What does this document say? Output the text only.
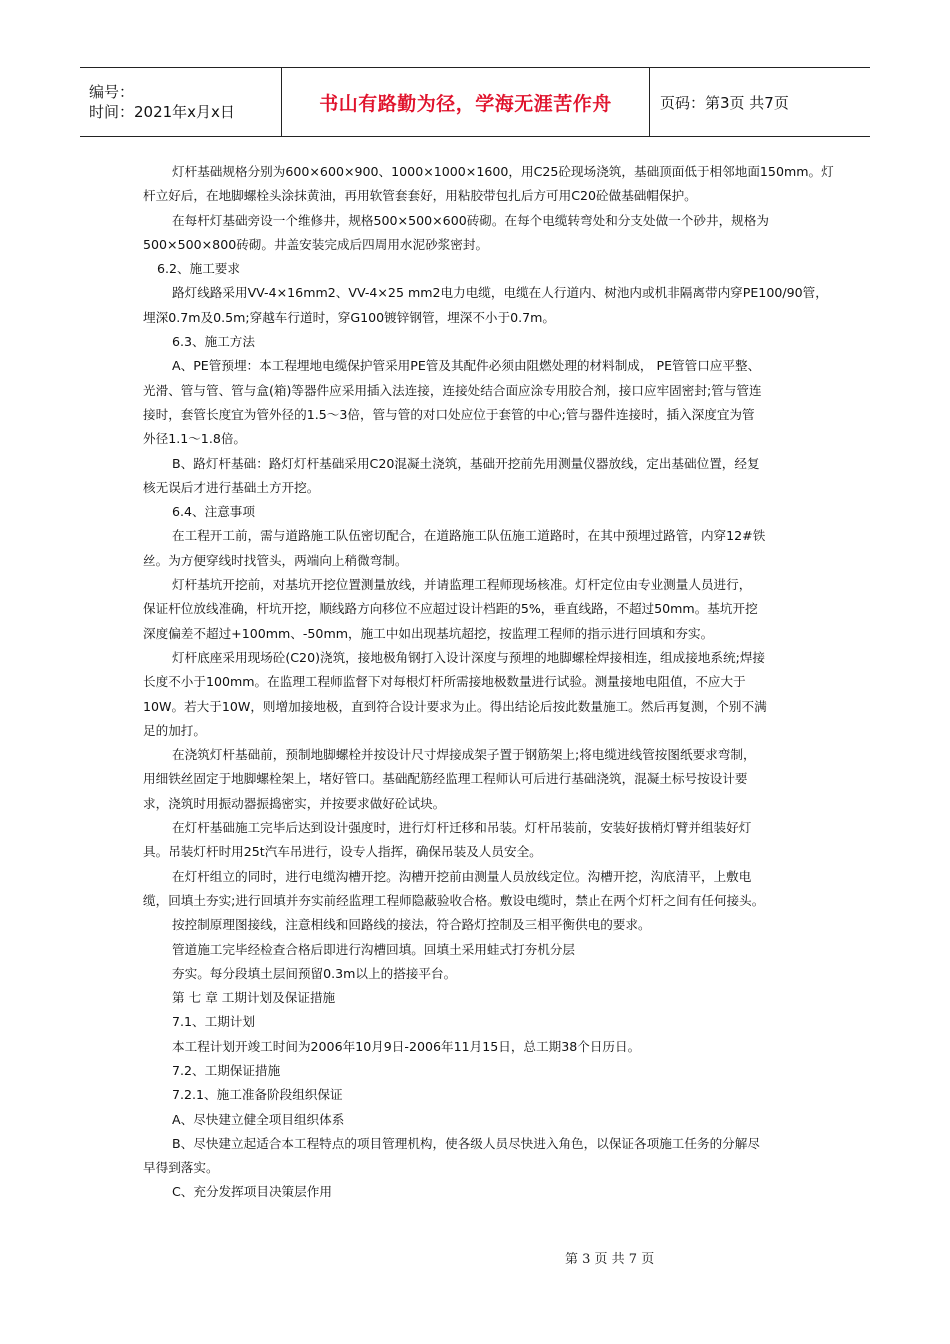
编号：
时间：2021年x月x日	书山有路勤为径，学海无涯苦作舟	页码：第3页 共7页

灯杆基础规格分别为600×600×900、1000×1000×1600，用C25砼现场浇筑，基础顶面低于相邻地面150mm。灯

杆立好后，在地脚螺栓头涂抹黄油，再用软管套套好，用粘胶带包扎后方可用C20砼做基础帽保护。

在每杆灯基础旁设一个维修井，规格500×500×600砖砌。在每个电缆转弯处和分支处做一个砂井，规格为

500×500×800砖砌。井盖安装完成后四周用水泥砂浆密封。

6.2、施工要求

路灯线路采用VV-4×16mm2、VV-4×25 mm2电力电缆，电缆在人行道内、树池内或机非隔离带内穿PE100/90管，

埋深0.7m及0.5m;穿越车行道时，穿G100镀锌钢管，埋深不小于0.7m。

6.3、施工方法

A、PE管预埋：本工程埋地电缆保护管采用PE管及其配件必须由阻燃处理的材料制成， PE管管口应平整、

光滑、管与管、管与盒(箱)等器件应采用插入法连接，连接处结合面应涂专用胶合剂，接口应牢固密封;管与管连

接时，套管长度宜为管外径的1.5～3倍，管与管的对口处应位于套管的中心;管与器件连接时，插入深度宜为管

外径1.1～1.8倍。

B、路灯杆基础：路灯灯杆基础采用C20混凝土浇筑，基础开挖前先用测量仪器放线，定出基础位置，经复

核无误后才进行基础土方开挖。

6.4、注意事项

在工程开工前，需与道路施工队伍密切配合，在道路施工队伍施工道路时，在其中预埋过路管，内穿12#铁

丝。为方便穿线时找管头，两端向上稍微弯制。

灯杆基坑开挖前，对基坑开挖位置测量放线，并请监理工程师现场核准。灯杆定位由专业测量人员进行，

保证杆位放线准确，杆坑开挖，顺线路方向移位不应超过设计档距的5%，垂直线路，不超过50mm。基坑开挖

深度偏差不超过+100mm、-50mm，施工中如出现基坑超挖，按监理工程师的指示进行回填和夯实。

灯杆底座采用现场砼(C20)浇筑，接地极角钢打入设计深度与预埋的地脚螺栓焊接相连，组成接地系统;焊接

长度不小于100mm。在监理工程师监督下对每根灯杆所需接地极数量进行试验。测量接地电阻值，不应大于

10W。若大于10W，则增加接地极，直到符合设计要求为止。得出结论后按此数量施工。然后再复测，个别不满

足的加打。

在浇筑灯杆基础前，预制地脚螺栓并按设计尺寸焊接成架子置于钢筋架上;将电缆进线管按图纸要求弯制，

用细铁丝固定于地脚螺栓架上，堵好管口。基础配筋经监理工程师认可后进行基础浇筑，混凝土标号按设计要

求，浇筑时用振动器振捣密实，并按要求做好砼试块。

在灯杆基础施工完毕后达到设计强度时，进行灯杆迁移和吊装。灯杆吊装前，安装好拔梢灯臂并组装好灯

具。吊装灯杆时用25t汽车吊进行，设专人指挥，确保吊装及人员安全。

在灯杆组立的同时，进行电缆沟槽开挖。沟槽开挖前由测量人员放线定位。沟槽开挖，沟底清平，上敷电

缆，回填土夯实;进行回填并夯实前经监理工程师隐蔽验收合格。敷设电缆时，禁止在两个灯杆之间有任何接头。

按控制原理图接线，注意相线和回路线的接法，符合路灯控制及三相平衡供电的要求。

管道施工完毕经检查合格后即进行沟槽回填。回填土采用蛙式打夯机分层

夯实。每分段填土层间预留0.3m以上的搭接平台。

第 七 章 工期计划及保证措施

7.1、工期计划

本工程计划开竣工时间为2006年10月9日-2006年11月15日，总工期38个日历日。

7.2、工期保证措施

7.2.1、施工准备阶段组织保证

A、尽快建立健全项目组织体系

B、尽快建立起适合本工程特点的项目管理机构，使各级人员尽快进入角色，以保证各项施工任务的分解尽

早得到落实。

C、充分发挥项目决策层作用

第 3 页 共 7 页
